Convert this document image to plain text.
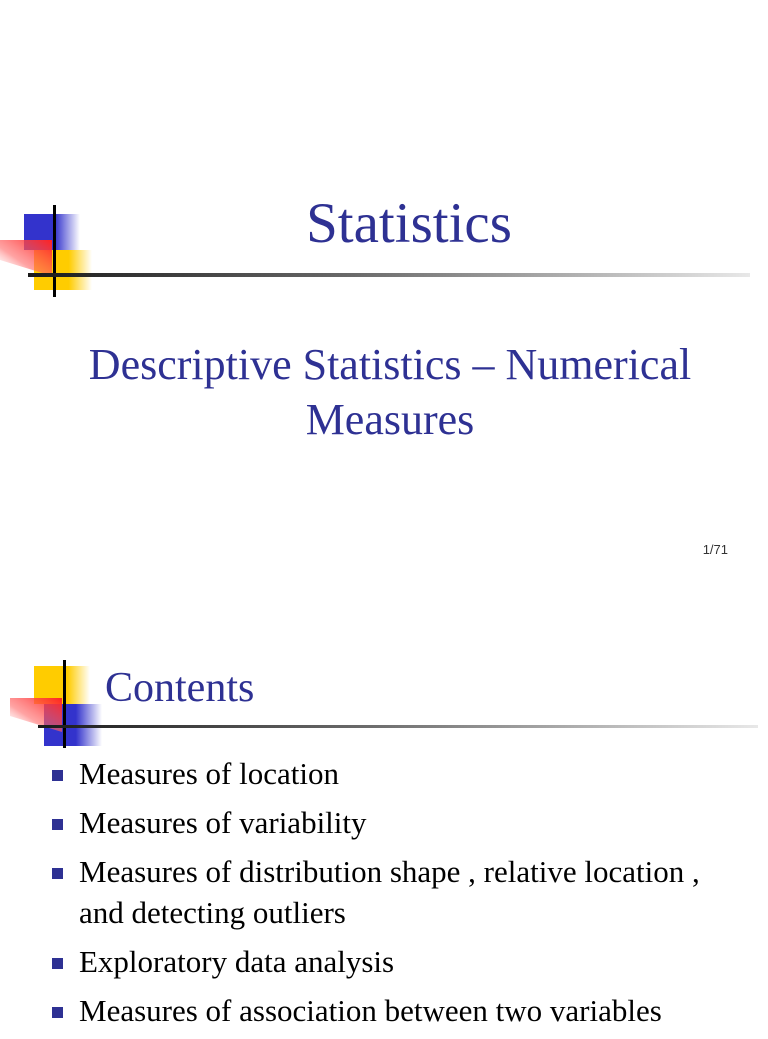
Statistics
Descriptive Statistics – Numerical Measures
1/71
Contents
Measures of location
Measures of variability
Measures of distribution shape , relative location , and detecting outliers
Exploratory data analysis
Measures of association between two variables
